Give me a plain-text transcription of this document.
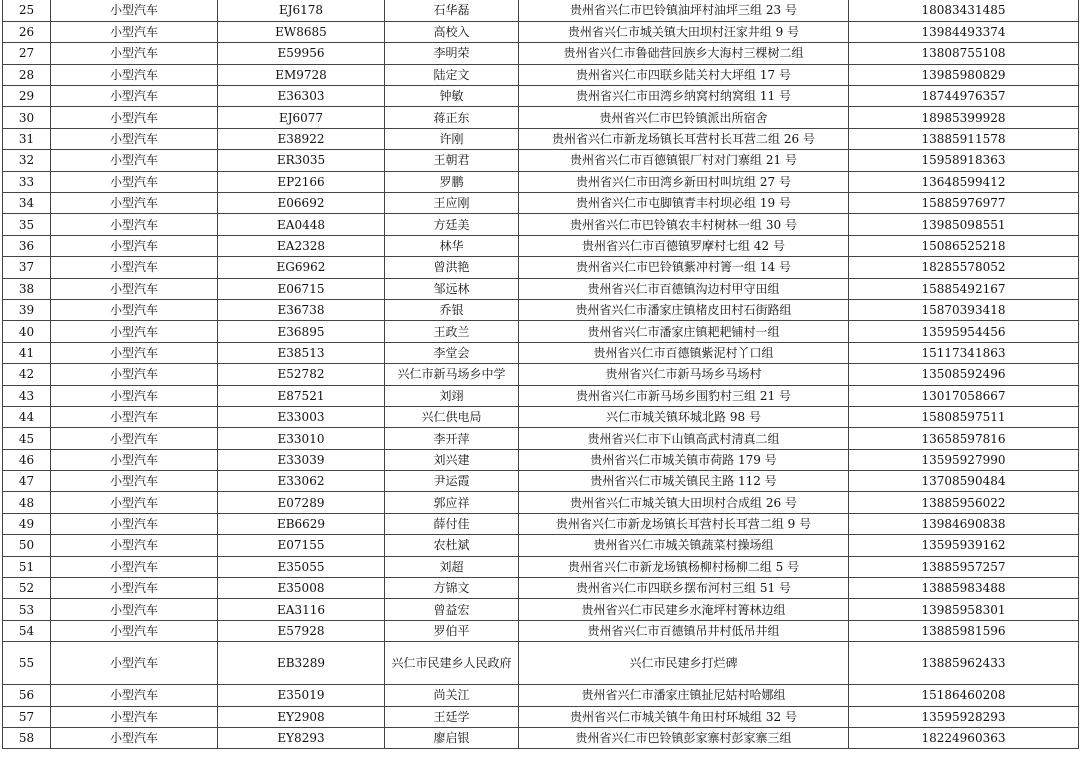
25	小型汽车	EJ6178	石华磊	贵州省兴仁市巴铃镇油坪村油坪三组 23 号	18083431485
26	小型汽车	EW8685	高校入	贵州省兴仁市城关镇大田坝村汪家井组 9 号	13984493374
27	小型汽车	E59956	李明荣	贵州省兴仁市鲁础营回族乡大海村三棵树二组	13808755108
28	小型汽车	EM9728	陆定文	贵州省兴仁市四联乡陆关村大坪组 17 号	13985980829
29	小型汽车	E36303	钟敏	贵州省兴仁市田湾乡纳窝村纳窝组 11 号	18744976357
30	小型汽车	EJ6077	蒋正东	贵州省兴仁市巴铃镇派出所宿舍	18985399928
31	小型汽车	E38922	许刚	贵州省兴仁市新龙场镇长耳营村长耳营二组 26 号	13885911578
32	小型汽车	ER3035	王朝君	贵州省兴仁市百德镇银厂村对门寨组 21 号	15958918363
33	小型汽车	EP2166	罗鹏	贵州省兴仁市田湾乡新田村叫坑组 27 号	13648599412
34	小型汽车	E06692	王应刚	贵州省兴仁市屯脚镇青丰村坝必组 19 号	15885976977
35	小型汽车	EA0448	方廷美	贵州省兴仁市巴铃镇农丰村树林一组 30 号	13985098551
36	小型汽车	EA2328	林华	贵州省兴仁市百德镇罗摩村七组 42 号	15086525218
37	小型汽车	EG6962	曾洪艳	贵州省兴仁市巴铃镇紫冲村箐一组 14 号	18285578052
38	小型汽车	E06715	邹远林	贵州省兴仁市百德镇沟边村甲守田组	15885492167
39	小型汽车	E36738	乔银	贵州省兴仁市潘家庄镇楮皮田村石街路组	15870393418
40	小型汽车	E36895	王政兰	贵州省兴仁市潘家庄镇耙耙铺村一组	13595954456
41	小型汽车	E38513	李堂会	贵州省兴仁市百德镇紫泥村丫口组	15117341863
42	小型汽车	E52782	兴仁市新马场乡中学	贵州省兴仁市新马场乡马场村	13508592496
43	小型汽车	E87521	刘翊	贵州省兴仁市新马场乡围豹村三组 21 号	13017058667
44	小型汽车	E33003	兴仁供电局	兴仁市城关镇环城北路 98 号	15808597511
45	小型汽车	E33010	李开萍	贵州省兴仁市下山镇高武村清真二组	13658597816
46	小型汽车	E33039	刘兴建	贵州省兴仁市城关镇市荷路 179 号	13595927990
47	小型汽车	E33062	尹运霞	贵州省兴仁市城关镇民主路 112 号	13708590484
48	小型汽车	E07289	郭应祥	贵州省兴仁市城关镇大田坝村合成组 26 号	13885956022
49	小型汽车	EB6629	薛付佳	贵州省兴仁市新龙场镇长耳营村长耳营二组 9 号	13984690838
50	小型汽车	E07155	农杜斌	贵州省兴仁市城关镇蔬菜村操场组	13595939162
51	小型汽车	E35055	刘超	贵州省兴仁市新龙场镇杨柳村杨柳二组 5 号	13885957257
52	小型汽车	E35008	方锦文	贵州省兴仁市四联乡摆布河村三组 51 号	13885983488
53	小型汽车	EA3116	曾益宏	贵州省兴仁市民建乡水淹坪村箐林边组	13985958301
54	小型汽车	E57928	罗伯平	贵州省兴仁市百德镇吊井村低吊井组	13885981596
55	小型汽车	EB3289	兴仁市民建乡人民政府	兴仁市民建乡打烂碑	13885962433
56	小型汽车	E35019	尚关江	贵州省兴仁市潘家庄镇扯尼姑村哈娜组	15186460208
57	小型汽车	EY2908	王廷学	贵州省兴仁市城关镇牛角田村环城组 32 号	13595928293
58	小型汽车	EY8293	廖启银	贵州省兴仁市巴铃镇彭家寨村彭家寨三组	18224960363
